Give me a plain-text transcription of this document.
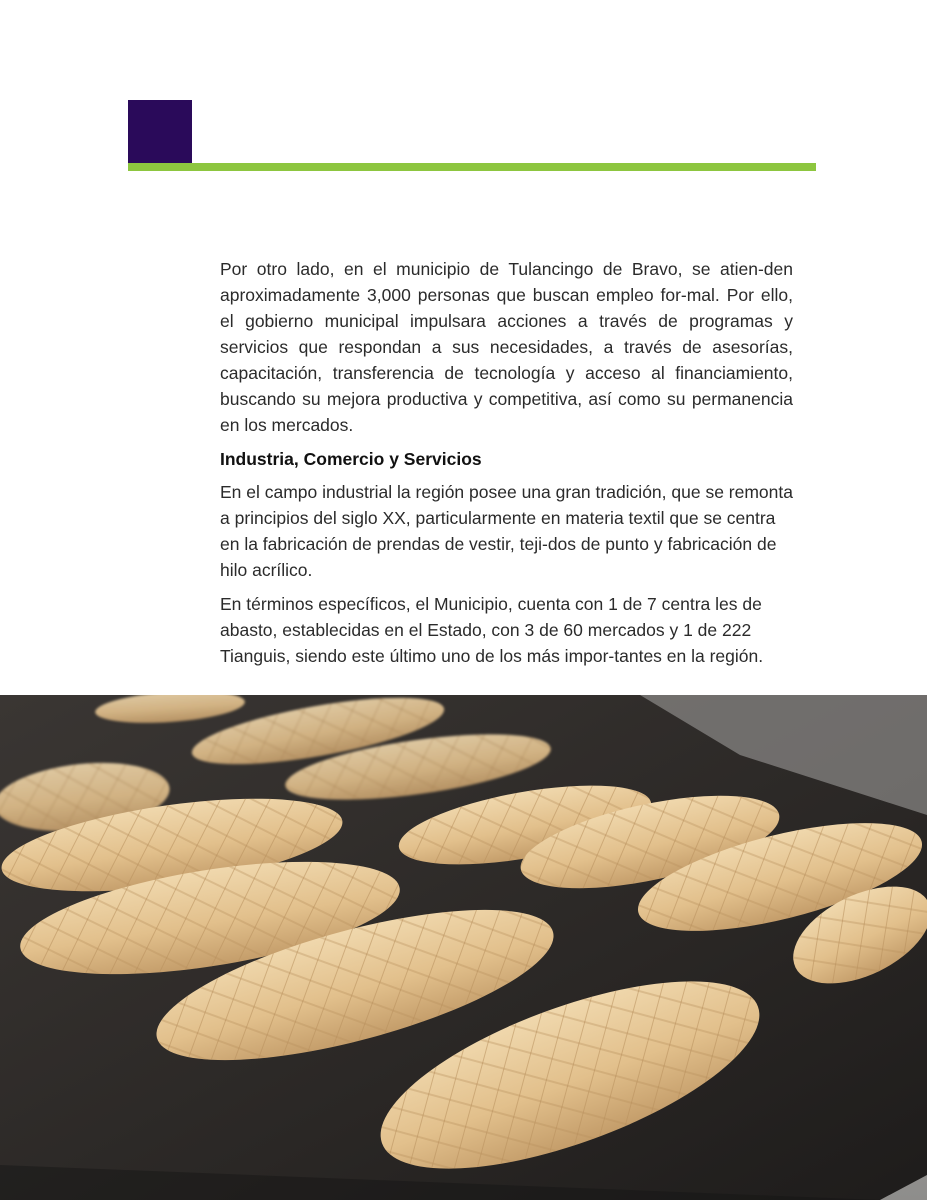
Por otro lado, en el municipio de Tulancingo de Bravo, se atien-den aproximadamente 3,000 personas que buscan empleo for-mal. Por ello, el gobierno municipal impulsara acciones a través de programas y servicios que respondan a sus necesidades, a través de asesorías, capacitación, transferencia de tecnología y acceso al financiamiento, buscando su mejora productiva y competitiva, así como su permanencia en los mercados.

Industria, Comercio y Servicios

En el campo industrial la región posee una gran tradición, que se remonta a principios del siglo XX, particularmente en materia textil que se centra en la fabricación de prendas de vestir, teji-dos de punto y fabricación de hilo acrílico.

En términos específicos, el Municipio, cuenta con 1 de 7 centra les de abasto, establecidas en el Estado, con 3 de 60 mercados y 1 de 222 Tianguis, siendo este último uno de los más impor-tantes en la región.
